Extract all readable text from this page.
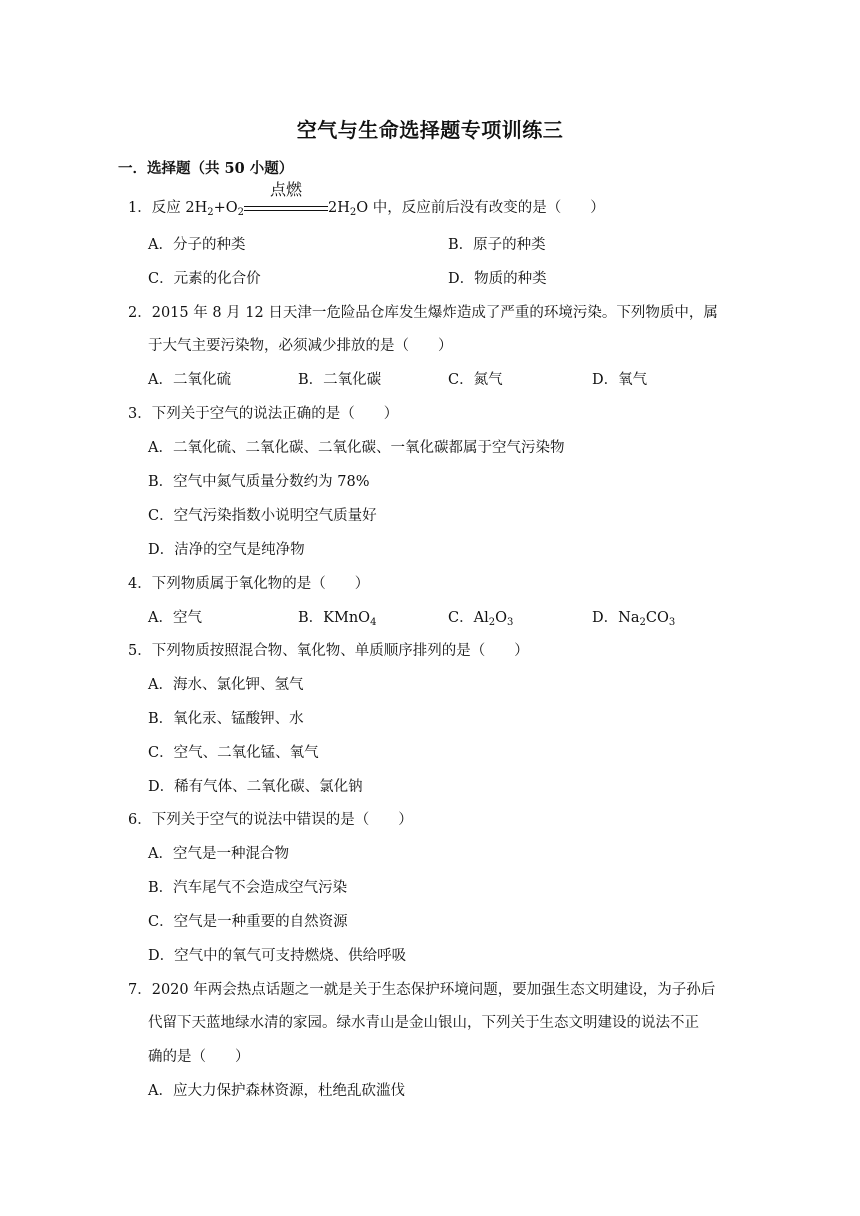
空气与生命选择题专项训练三
一．选择题（共 50 小题）
1．反应 $2H_2+O_2$
点燃
$2H_2O$ 中，反应前后没有改变的是（　　）
A．分子的种类	B．原子的种类
C．元素的化合价	D．物质的种类
2．2015 年 8 月 12 日天津一危险品仓库发生爆炸造成了严重的环境污染。下列物质中，属
于大气主要污染物，必须减少排放的是（　　）
A．二氧化硫	B．二氧化碳	C．氮气	D．氧气
3．下列关于空气的说法正确的是（　　）
A．二氧化硫、二氧化碳、二氧化碳、一氧化碳都属于空气污染物
B．空气中氮气质量分数约为 78%
C．空气污染指数小说明空气质量好
D．洁净的空气是纯净物
4．下列物质属于氧化物的是（　　）
A．空气	B．KMnO$_4$	C．$Al_2O_3$	D．$Na_2CO_3$
5．下列物质按照混合物、氧化物、单质顺序排列的是（　　）
A．海水、氯化钾、氢气
B．氧化汞、锰酸钾、水
C．空气、二氧化锰、氧气
D．稀有气体、二氧化碳、氯化钠
6．下列关于空气的说法中错误的是（　　）
A．空气是一种混合物
B．汽车尾气不会造成空气污染
C．空气是一种重要的自然资源
D．空气中的氧气可支持燃烧、供给呼吸
7．2020 年两会热点话题之一就是关于生态保护环境问题，要加强生态文明建设，为子孙后
代留下天蓝地绿水清的家园。绿水青山是金山银山，下列关于生态文明建设的说法不正
确的是（　　）
A．应大力保护森林资源，杜绝乱砍滥伐
